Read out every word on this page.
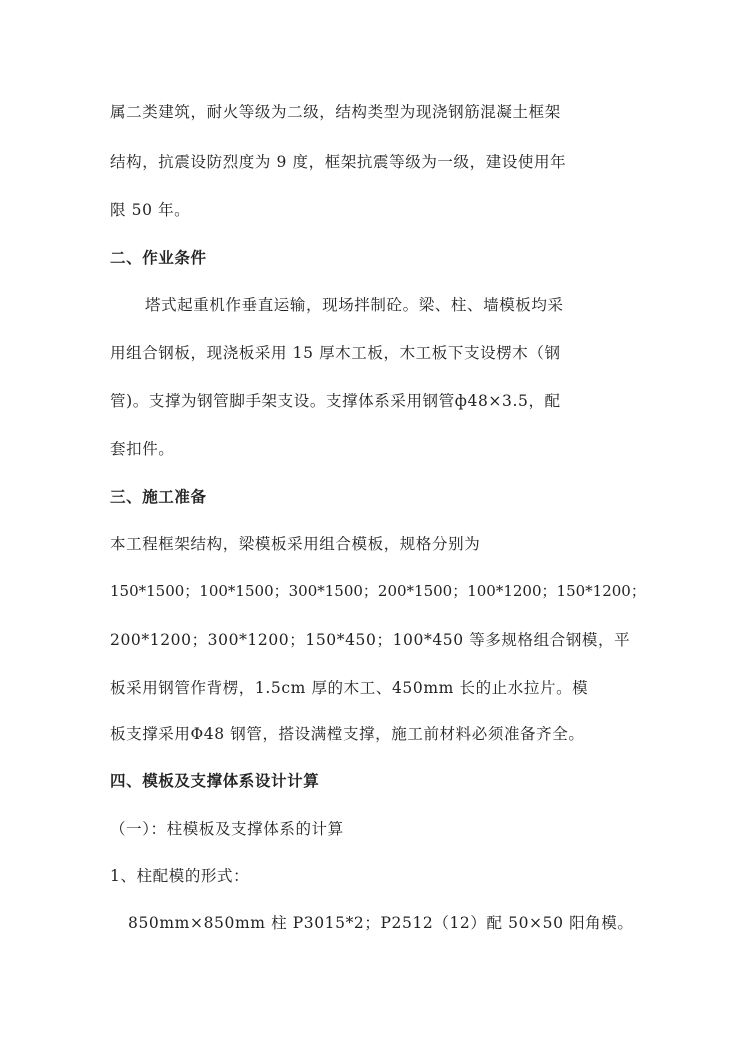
属二类建筑，耐火等级为二级，结构类型为现浇钢筋混凝土框架
结构，抗震设防烈度为 9 度，框架抗震等级为一级，建设使用年
限 50 年。
二、作业条件
塔式起重机作垂直运输，现场拌制砼。梁、柱、墙模板均采
用组合钢板，现浇板采用 15 厚木工板，木工板下支设楞木（钢
管)。支撑为钢管脚手架支设。支撑体系采用钢管ф48×3.5，配
套扣件。
三、施工准备
本工程框架结构，梁模板采用组合模板，规格分别为
150*1500；100*1500；300*1500；200*1500；100*1200；150*1200；
200*1200；300*1200；150*450；100*450 等多规格组合钢模，平
板采用钢管作背楞，1.5cm 厚的木工、450mm 长的止水拉片。模
板支撑采用Φ48 钢管，搭设满樘支撑，施工前材料必须准备齐全。
四、模板及支撑体系设计计算
（一）：柱模板及支撑体系的计算
1、柱配模的形式：
850mm×850mm 柱 P3015*2；P2512（12）配 50×50 阳角模。
